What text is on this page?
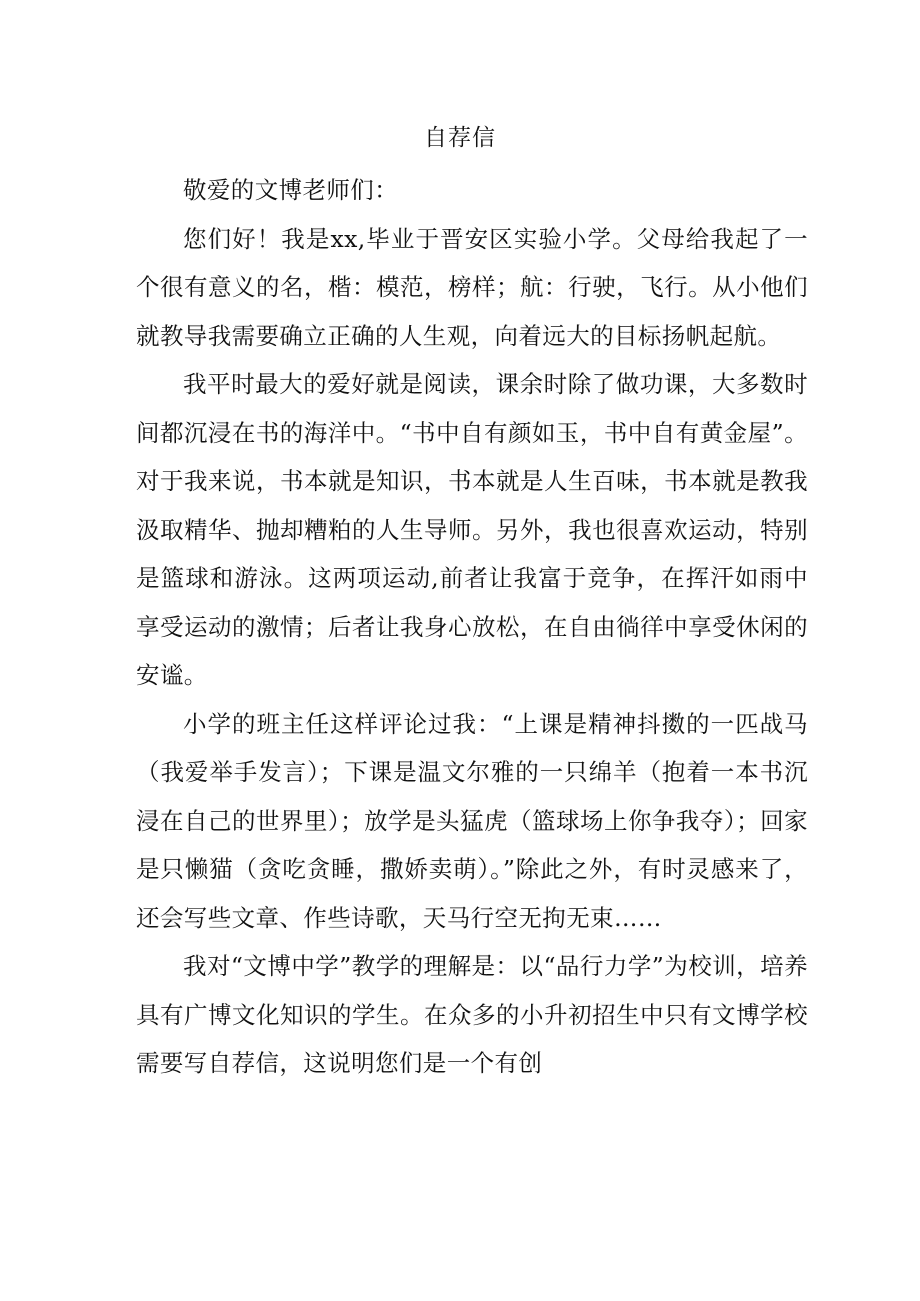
自荐信

敬爱的文博老师们：

您们好！我是xx,毕业于晋安区实验小学。父母给我起了一个很有意义的名，楷：模范，榜样；航：行驶，飞行。从小他们就教导我需要确立正确的人生观，向着远大的目标扬帆起航。

我平时最大的爱好就是阅读，课余时除了做功课，大多数时间都沉浸在书的海洋中。“书中自有颜如玉，书中自有黄金屋”。对于我来说，书本就是知识，书本就是人生百味，书本就是教我汲取精华、抛却糟粕的人生导师。另外，我也很喜欢运动，特别是篮球和游泳。这两项运动,前者让我富于竞争，在挥汗如雨中享受运动的激情；后者让我身心放松，在自由徜徉中享受休闲的安谧。

小学的班主任这样评论过我：“上课是精神抖擞的一匹战马（我爱举手发言）；下课是温文尔雅的一只绵羊（抱着一本书沉浸在自己的世界里）；放学是头猛虎（篮球场上你争我夺）；回家是只懒猫（贪吃贪睡，撒娇卖萌）。”除此之外，有时灵感来了，还会写些文章、作些诗歌，天马行空无拘无束……

我对“文博中学”教学的理解是：以“品行力学”为校训，培养具有广博文化知识的学生。在众多的小升初招生中只有文博学校需要写自荐信，这说明您们是一个有创
